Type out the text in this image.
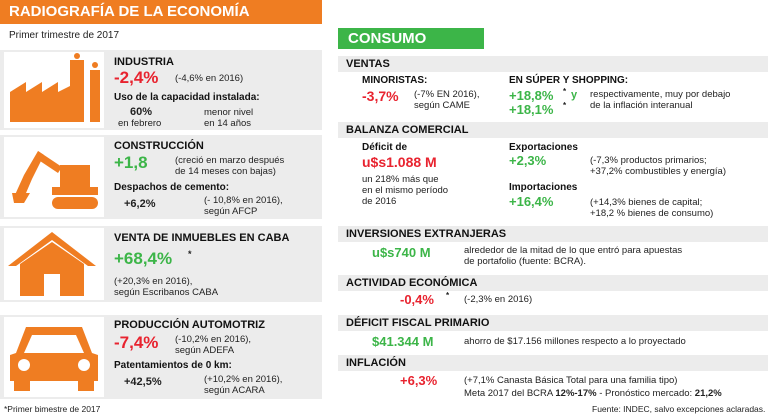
RADIOGRAFÍA DE LA ECONOMÍA
Primer trimestre de 2017
INDUSTRIA
-2,4% (-4,6% en 2016)
Uso de la capacidad instalada:
60%
en febrero
menor nivel
en 14 años
CONSTRUCCIÓN
+1,8	(creció en marzo después
de 14 meses con bajas)
Despachos de cemento:
+6,2%	(- 10,8% en 2016),
según AFCP
VENTA DE INMUEBLES EN CABA
+68,4% *
(+20,3% en 2016),
según Escribanos CABA
PRODUCCIÓN AUTOMOTRIZ
-7,4% (-10,2% en 2016),
según ADEFA
Patentamientos de 0 km:
+42,5%	(+10,2% en 2016),
según ACARA
*Primer bimestre de 2017
CONSUMO
VENTAS
MINORISTAS:
-3,7% (-7% EN 2016),
según CAME
EN SÚPER Y SHOPPING:
+18,8% * y
+18,1% *
respectivamente, muy por debajo
de la inflación interanual
BALANZA COMERCIAL
Déficit de
u$s1.088 M
un 218% más que
en el mismo período
de 2016
Exportaciones
+2,3%	(-7,3% productos primarios;
+37,2% combustibles y energía)
Importaciones
+16,4%	(+14,3% bienes de capital;
+18,2 % bienes de consumo)
INVERSIONES EXTRANJERAS
u$s740 M	alrededor de la mitad de lo que entró para apuestas
de portafolio (fuente: BCRA).
ACTIVIDAD ECONÓMICA
-0,4% * (-2,3% en 2016)
DÉFICIT FISCAL PRIMARIO
$41.344 M	ahorro de $17.156 millones respecto a lo proyectado
INFLACIÓN
+6,3%	(+7,1% Canasta Básica Total para una familia tipo)
Meta 2017 del BCRA 12%-17% - Pronóstico mercado: 21,2%
Fuente: INDEC, salvo excepciones aclaradas.
